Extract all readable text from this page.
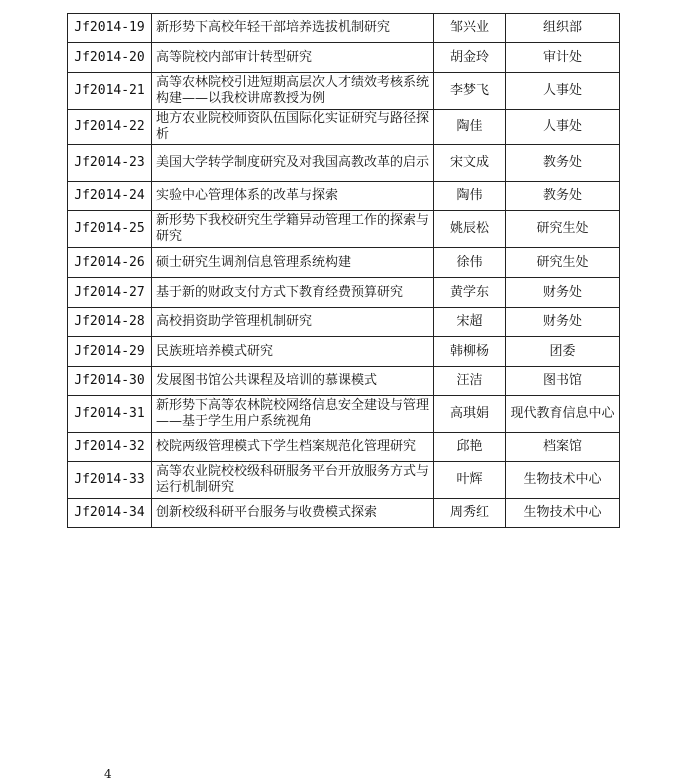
Jf2014-19	新形势下高校年轻干部培养选拔机制研究	邹兴业	组织部
Jf2014-20	高等院校内部审计转型研究	胡金玲	审计处
Jf2014-21	高等农林院校引进短期高层次人才绩效考核系统构建——以我校讲席教授为例	李梦飞	人事处
Jf2014-22	地方农业院校师资队伍国际化实证研究与路径探析	陶佳	人事处
Jf2014-23	美国大学转学制度研究及对我国高教改革的启示	宋文成	教务处
Jf2014-24	实验中心管理体系的改革与探索	陶伟	教务处
Jf2014-25	新形势下我校研究生学籍异动管理工作的探索与研究	姚辰松	研究生处
Jf2014-26	硕士研究生调剂信息管理系统构建	徐伟	研究生处
Jf2014-27	基于新的财政支付方式下教育经费预算研究	黄学东	财务处
Jf2014-28	高校捐资助学管理机制研究	宋超	财务处
Jf2014-29	民族班培养模式研究	韩柳杨	团委
Jf2014-30	发展图书馆公共课程及培训的慕课模式	汪洁	图书馆
Jf2014-31	新形势下高等农林院校网络信息安全建设与管理——基于学生用户系统视角	高琪娟	现代教育信息中心
Jf2014-32	校院两级管理模式下学生档案规范化管理研究	邱艳	档案馆
Jf2014-33	高等农业院校校级科研服务平台开放服务方式与运行机制研究	叶辉	生物技术中心
Jf2014-34	创新校级科研平台服务与收费模式探索	周秀红	生物技术中心
4
